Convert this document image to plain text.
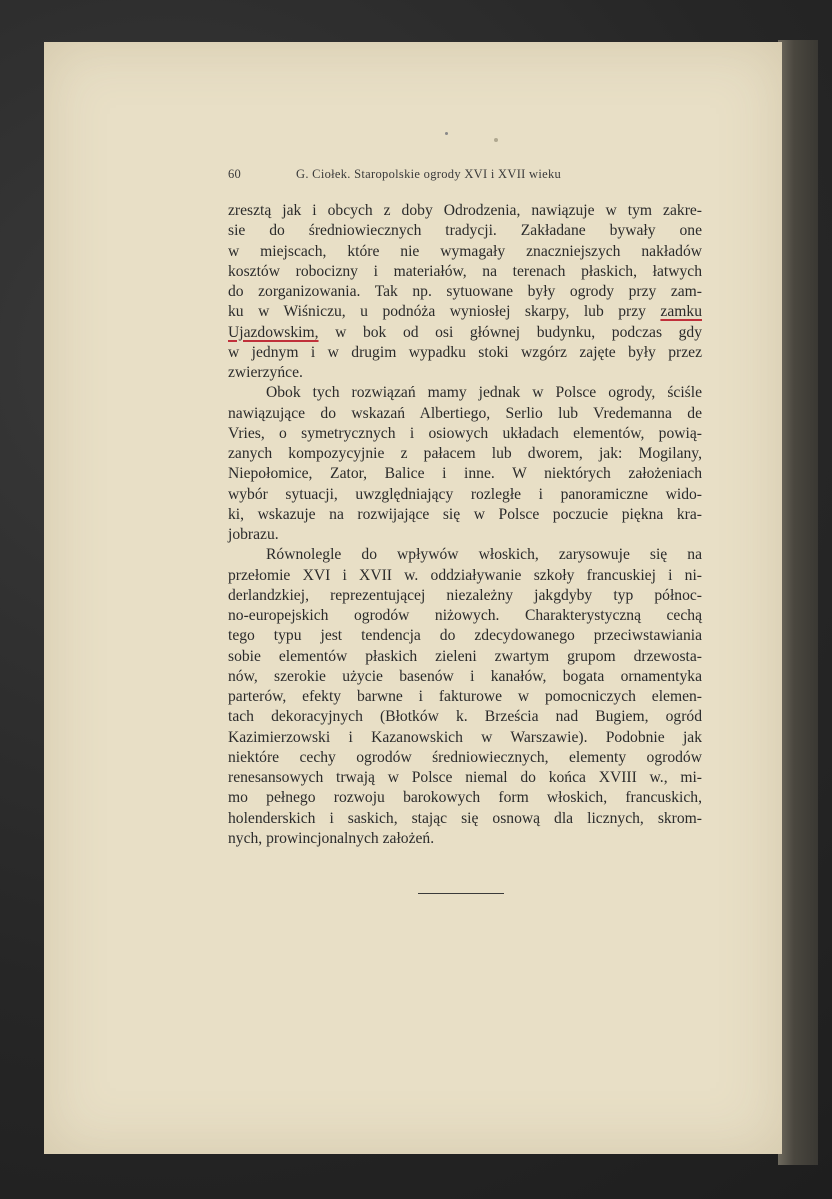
60	G. Ciołek. Staropolskie ogrody XVI i XVII wieku

zresztą jak i obcych z doby Odrodzenia, nawiązuje w tym zakre-
sie do średniowiecznych tradycji. Zakładane bywały one
w miejscach, które nie wymagały znaczniejszych nakładów
kosztów robocizny i materiałów, na terenach płaskich, łatwych
do zorganizowania. Tak np. sytuowane były ogrody przy zam-
ku w Wiśniczu, u podnóża wyniosłej skarpy, lub przy zamku
Ujazdowskim, w bok od osi głównej budynku, podczas gdy
w jednym i w drugim wypadku stoki wzgórz zajęte były przez
zwierzyńce.

Obok tych rozwiązań mamy jednak w Polsce ogrody, ściśle
nawiązujące do wskazań Albertiego, Serlio lub Vredemanna de
Vries, o symetrycznych i osiowych układach elementów, powią-
zanych kompozycyjnie z pałacem lub dworem, jak: Mogilany,
Niepołomice, Zator, Balice i inne. W niektórych założeniach
wybór sytuacji, uwzględniający rozległe i panoramiczne wido-
ki, wskazuje na rozwijające się w Polsce poczucie piękna kra-
jobrazu.

Równolegle do wpływów włoskich, zarysowuje się na
przełomie XVI i XVII w. oddziaływanie szkoły francuskiej i ni-
derlandzkiej, reprezentującej niezależny jakgdyby typ północ-
no-europejskich ogrodów niżowych. Charakterystyczną cechą
tego typu jest tendencja do zdecydowanego przeciwstawiania
sobie elementów płaskich zieleni zwartym grupom drzewosta-
nów, szerokie użycie basenów i kanałów, bogata ornamentyka
parterów, efekty barwne i fakturowe w pomocniczych elemen-
tach dekoracyjnych (Błotków k. Brześcia nad Bugiem, ogród
Kazimierzowski i Kazanowskich w Warszawie). Podobnie jak
niektóre cechy ogrodów średniowiecznych, elementy ogrodów
renesansowych trwają w Polsce niemal do końca XVIII w., mi-
mo pełnego rozwoju barokowych form włoskich, francuskich,
holenderskich i saskich, stając się osnową dla licznych, skrom-
nych, prowincjonalnych założeń.
